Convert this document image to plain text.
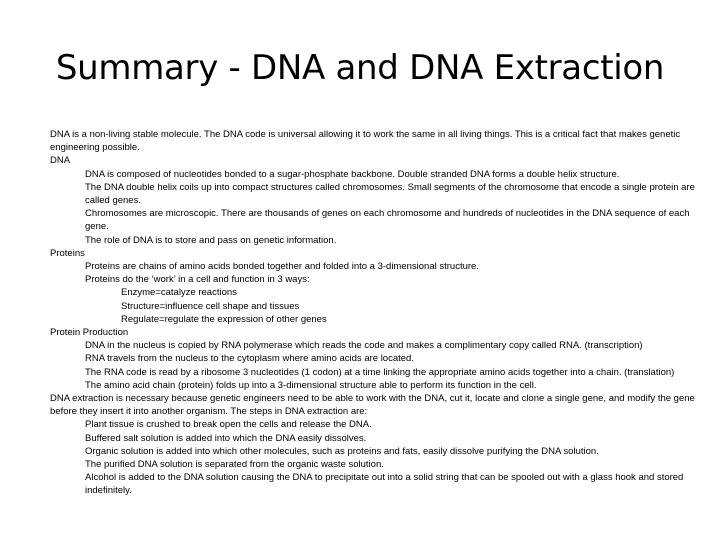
Summary - DNA and DNA Extraction
DNA is a non-living stable molecule. The DNA code is universal allowing it to work the same in all living things. This is a critical fact that makes genetic engineering possible.
DNA
DNA is composed of nucleotides bonded to a sugar-phosphate backbone. Double stranded DNA forms a double helix structure.
The DNA double helix coils up into compact structures called chromosomes. Small segments of the chromosome that encode a single protein are called genes.
Chromosomes are microscopic. There are thousands of genes on each chromosome and hundreds of nucleotides in the DNA sequence of each gene.
The role of DNA is to store and pass on genetic information.
Proteins
Proteins are chains of amino acids bonded together and folded into a 3-dimensional structure.
Proteins do the ‘work’ in a cell and function in 3 ways:
Enzyme=catalyze reactions
Structure=influence cell shape and tissues
Regulate=regulate the expression of other genes
Protein Production
DNA in the nucleus is copied by RNA polymerase which reads the code and makes a complimentary copy called RNA. (transcription)
RNA travels from the nucleus to the cytoplasm where amino acids are located.
The RNA code is read by a ribosome 3 nucleotides (1 codon) at a time linking the appropriate amino acids together into a chain. (translation)
The amino acid chain (protein) folds up into a 3-dimensional structure able to perform its function in the cell.
DNA extraction is necessary because genetic engineers need to be able to work with the DNA, cut it, locate and clone a single gene, and modify the gene before they insert it into another organism. The steps in DNA extraction are:
Plant tissue is crushed to break open the cells and release the DNA.
Buffered salt solution is added into which the DNA easily dissolves.
Organic solution is added into which other molecules, such as proteins and fats, easily dissolve purifying the DNA solution.
The purified DNA solution is separated from the organic waste solution.
Alcohol is added to the DNA solution causing the DNA to precipitate out into a solid string that can be spooled out with a glass hook and stored indefinitely.
